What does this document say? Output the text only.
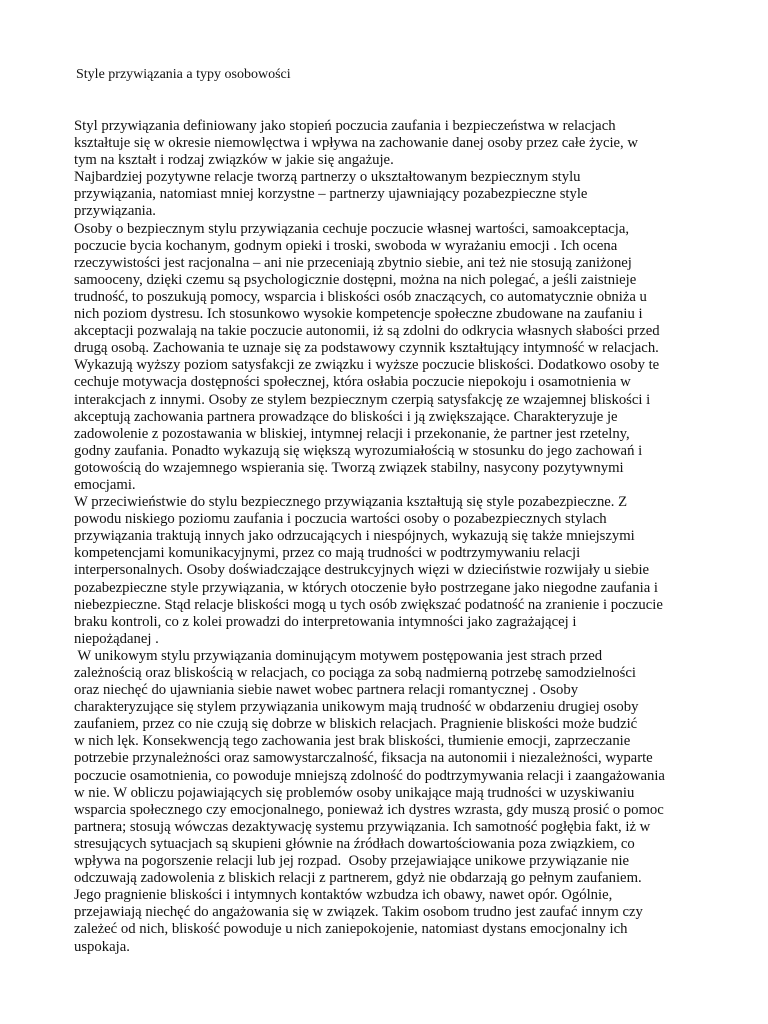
Style przywiązania a typy osobowości

Styl przywiązania definiowany jako stopień poczucia zaufania i bezpieczeństwa w relacjach
kształtuje się w okresie niemowlęctwa i wpływa na zachowanie danej osoby przez całe życie, w
tym na kształt i rodzaj związków w jakie się angażuje.

Najbardziej pozytywne relacje tworzą partnerzy o ukształtowanym bezpiecznym stylu
przywiązania, natomiast mniej korzystne – partnerzy ujawniający pozabezpieczne style
przywiązania.

Osoby o bezpiecznym stylu przywiązania cechuje poczucie własnej wartości, samoakceptacja,
poczucie bycia kochanym, godnym opieki i troski, swoboda w wyrażaniu emocji . Ich ocena
rzeczywistości jest racjonalna – ani nie przeceniają zbytnio siebie, ani też nie stosują zaniżonej
samooceny, dzięki czemu są psychologicznie dostępni, można na nich polegać, a jeśli zaistnieje
trudność, to poszukują pomocy, wsparcia i bliskości osób znaczących, co automatycznie obniża u
nich poziom dystresu. Ich stosunkowo wysokie kompetencje społeczne zbudowane na zaufaniu i
akceptacji pozwalają na takie poczucie autonomii, iż są zdolni do odkrycia własnych słabości przed
drugą osobą. Zachowania te uznaje się za podstawowy czynnik kształtujący intymność w relacjach.
Wykazują wyższy poziom satysfakcji ze związku i wyższe poczucie bliskości. Dodatkowo osoby te
cechuje motywacja dostępności społecznej, która osłabia poczucie niepokoju i osamotnienia w
interakcjach z innymi. Osoby ze stylem bezpiecznym czerpią satysfakcję ze wzajemnej bliskości i
akceptują zachowania partnera prowadzące do bliskości i ją zwiększające. Charakteryzuje je
zadowolenie z pozostawania w bliskiej, intymnej relacji i przekonanie, że partner jest rzetelny,
godny zaufania. Ponadto wykazują się większą wyrozumiałością w stosunku do jego zachowań i
gotowością do wzajemnego wspierania się. Tworzą związek stabilny, nasycony pozytywnymi
emocjami.

W przeciwieństwie do stylu bezpiecznego przywiązania kształtują się style pozabezpieczne. Z
powodu niskiego poziomu zaufania i poczucia wartości osoby o pozabezpiecznych stylach
przywiązania traktują innych jako odrzucających i niespójnych, wykazują się także mniejszymi
kompetencjami komunikacyjnymi, przez co mają trudności w podtrzymywaniu relacji
interpersonalnych. Osoby doświadczające destrukcyjnych więzi w dzieciństwie rozwijały u siebie
pozabezpieczne style przywiązania, w których otoczenie było postrzegane jako niegodne zaufania i
niebezpieczne. Stąd relacje bliskości mogą u tych osób zwiększać podatność na zranienie i poczucie
braku kontroli, co z kolei prowadzi do interpretowania intymności jako zagrażającej i
niepożądanej .

W unikowym stylu przywiązania dominującym motywem postępowania jest strach przed
zależnością oraz bliskością w relacjach, co pociąga za sobą nadmierną potrzebę samodzielności
oraz niechęć do ujawniania siebie nawet wobec partnera relacji romantycznej . Osoby
charakteryzujące się stylem przywiązania unikowym mają trudność w obdarzeniu drugiej osoby
zaufaniem, przez co nie czują się dobrze w bliskich relacjach. Pragnienie bliskości może budzić
w nich lęk. Konsekwencją tego zachowania jest brak bliskości, tłumienie emocji, zaprzeczanie
potrzebie przynależności oraz samowystarczalność, fiksacja na autonomii i niezależności, wyparte
poczucie osamotnienia, co powoduje mniejszą zdolność do podtrzymywania relacji i zaangażowania
w nie. W obliczu pojawiających się problemów osoby unikające mają trudności w uzyskiwaniu
wsparcia społecznego czy emocjonalnego, ponieważ ich dystres wzrasta, gdy muszą prosić o pomoc
partnera; stosują wówczas dezaktywację systemu przywiązania. Ich samotność pogłębia fakt, iż w
stresujących sytuacjach są skupieni głównie na źródłach dowartościowania poza związkiem, co
wpływa na pogorszenie relacji lub jej rozpad.  Osoby przejawiające unikowe przywiązanie nie
odczuwają zadowolenia z bliskich relacji z partnerem, gdyż nie obdarzają go pełnym zaufaniem.
Jego pragnienie bliskości i intymnych kontaktów wzbudza ich obawy, nawet opór. Ogólnie,
przejawiają niechęć do angażowania się w związek. Takim osobom trudno jest zaufać innym czy
zależeć od nich, bliskość powoduje u nich zaniepokojenie, natomiast dystans emocjonalny ich
uspokaja.
